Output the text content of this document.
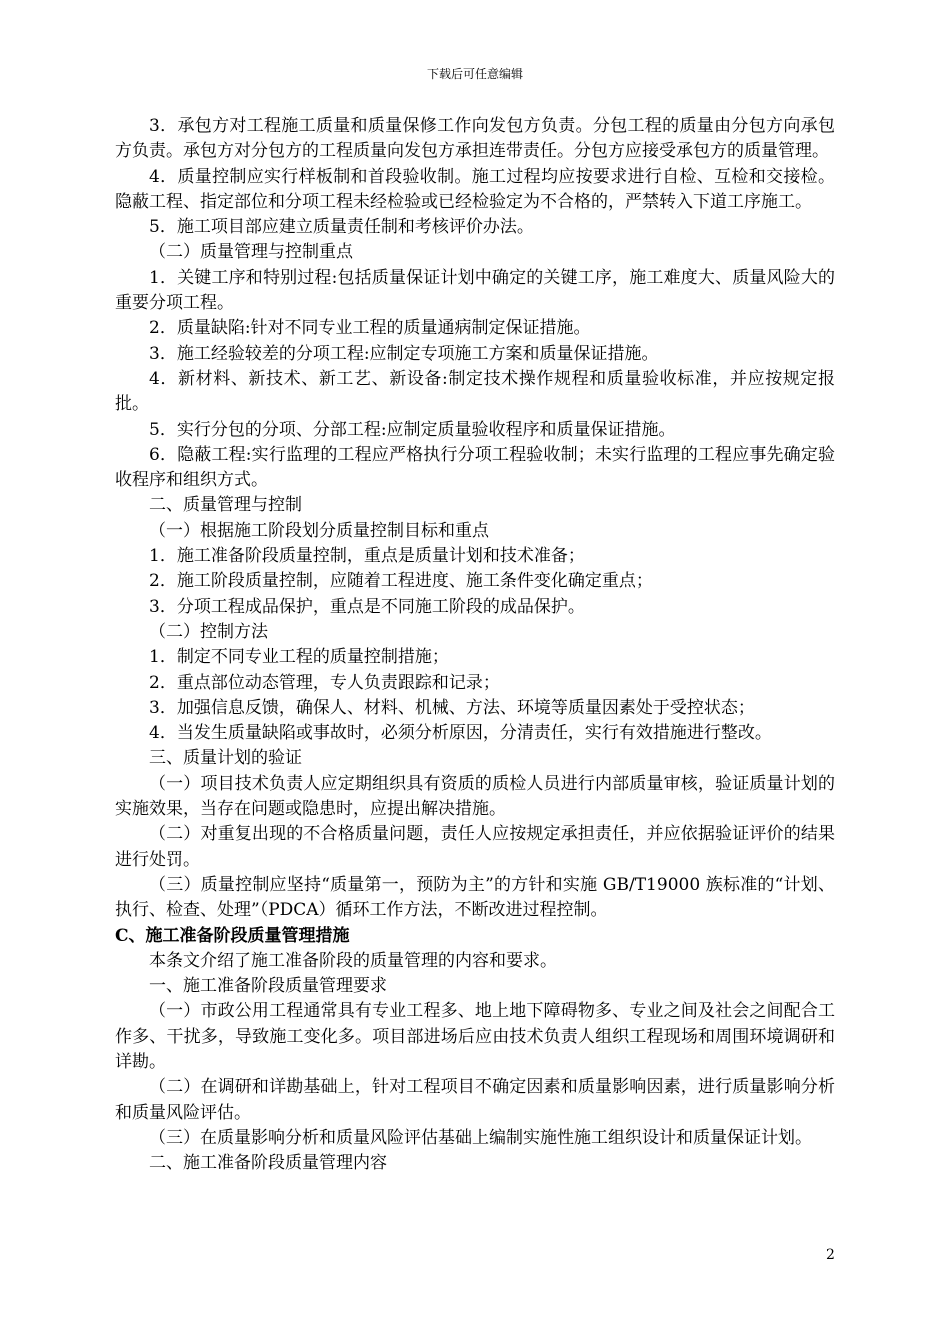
下载后可任意编辑

3．承包方对工程施工质量和质量保修工作向发包方负责。分包工程的质量由分包方向承包方负责。承包方对分包方的工程质量向发包方承担连带责任。分包方应接受承包方的质量管理。

4．质量控制应实行样板制和首段验收制。施工过程均应按要求进行自检、互检和交接检。隐蔽工程、指定部位和分项工程未经检验或已经检验定为不合格的，严禁转入下道工序施工。

5．施工项目部应建立质量责任制和考核评价办法。

（二）质量管理与控制重点

1．关键工序和特别过程:包括质量保证计划中确定的关键工序，施工难度大、质量风险大的重要分项工程。

2．质量缺陷:针对不同专业工程的质量通病制定保证措施。

3．施工经验较差的分项工程:应制定专项施工方案和质量保证措施。

4．新材料、新技术、新工艺、新设备:制定技术操作规程和质量验收标准，并应按规定报批。

5．实行分包的分项、分部工程:应制定质量验收程序和质量保证措施。

6．隐蔽工程:实行监理的工程应严格执行分项工程验收制；未实行监理的工程应事先确定验收程序和组织方式。

二、质量管理与控制

（一）根据施工阶段划分质量控制目标和重点

1．施工准备阶段质量控制，重点是质量计划和技术准备；

2．施工阶段质量控制，应随着工程进度、施工条件变化确定重点；

3．分项工程成品保护，重点是不同施工阶段的成品保护。

（二）控制方法

1．制定不同专业工程的质量控制措施；

2．重点部位动态管理，专人负责跟踪和记录；

3．加强信息反馈，确保人、材料、机械、方法、环境等质量因素处于受控状态；

4．当发生质量缺陷或事故时，必须分析原因，分清责任，实行有效措施进行整改。

三、质量计划的验证

（一）项目技术负责人应定期组织具有资质的质检人员进行内部质量审核，验证质量计划的实施效果，当存在问题或隐患时，应提出解决措施。

（二）对重复出现的不合格质量问题，责任人应按规定承担责任，并应依据验证评价的结果进行处罚。

（三）质量控制应坚持“质量第一，预防为主”的方针和实施 GB/T19000 族标准的“计划、执行、检查、处理”（PDCA）循环工作方法，不断改进过程控制。

C、施工准备阶段质量管理措施

本条文介绍了施工准备阶段的质量管理的内容和要求。

一、施工准备阶段质量管理要求

（一）市政公用工程通常具有专业工程多、地上地下障碍物多、专业之间及社会之间配合工作多、干扰多，导致施工变化多。项目部进场后应由技术负责人组织工程现场和周围环境调研和详勘。

（二）在调研和详勘基础上，针对工程项目不确定因素和质量影响因素，进行质量影响分析和质量风险评估。

（三）在质量影响分析和质量风险评估基础上编制实施性施工组织设计和质量保证计划。

二、施工准备阶段质量管理内容

2
